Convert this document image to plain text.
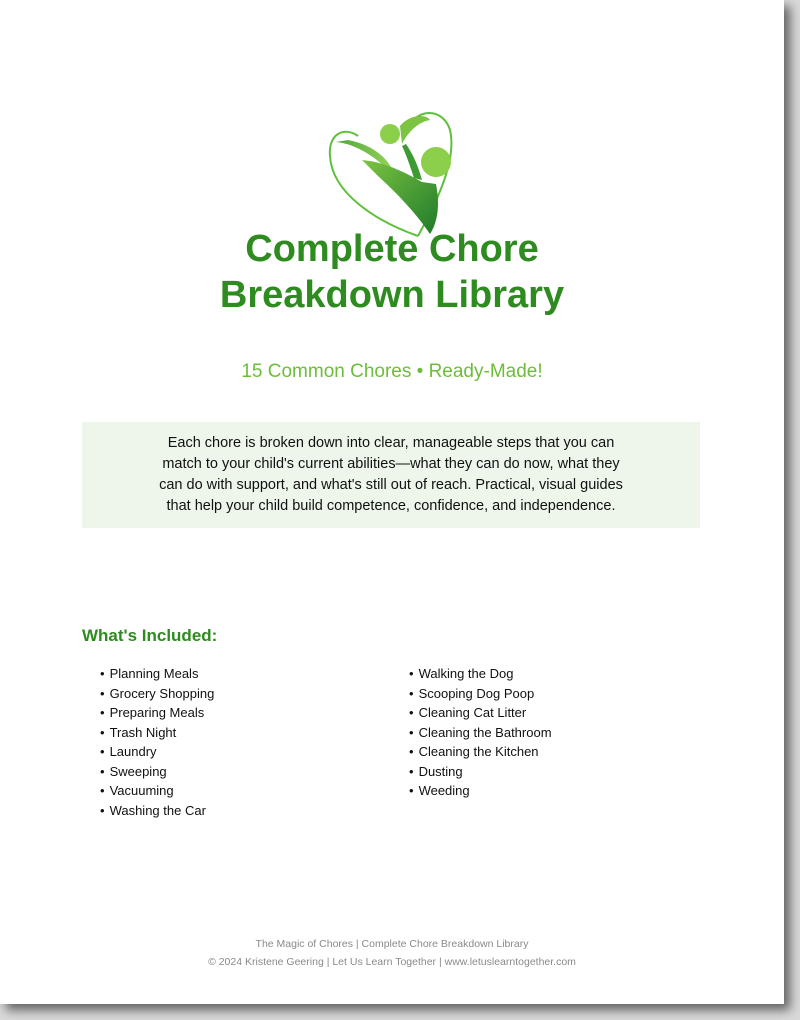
Complete Chore
Breakdown Library

15 Common Chores • Ready-Made!

Each chore is broken down into clear, manageable steps that you can
match to your child's current abilities—what they can do now, what they
can do with support, and what's still out of reach. Practical, visual guides
that help your child build competence, confidence, and independence.

What's Included:
• Planning Meals
• Grocery Shopping
• Preparing Meals
• Trash Night
• Laundry
• Sweeping
• Vacuuming
• Washing the Car
• Walking the Dog
• Scooping Dog Poop
• Cleaning Cat Litter
• Cleaning the Bathroom
• Cleaning the Kitchen
• Dusting
• Weeding

The Magic of Chores | Complete Chore Breakdown Library

© 2024 Kristene Geering | Let Us Learn Together | www.letuslearntogether.com
